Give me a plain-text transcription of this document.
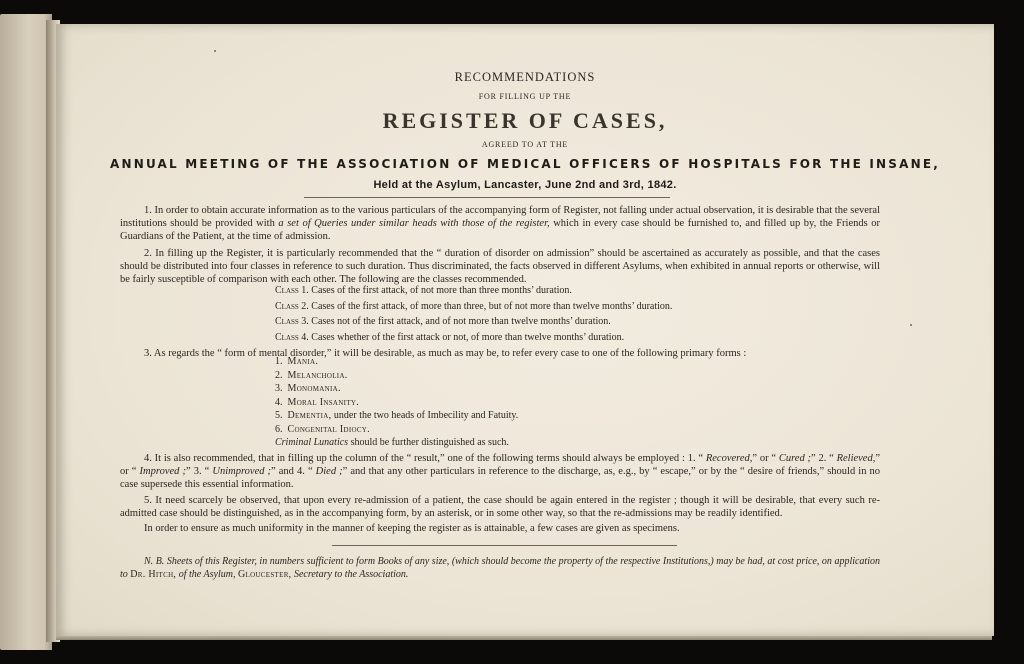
RECOMMENDATIONS
FOR FILLING UP THE
REGISTER OF CASES,
AGREED TO AT THE
ANNUAL MEETING OF THE ASSOCIATION OF MEDICAL OFFICERS OF HOSPITALS FOR THE INSANE,
Held at the Asylum, Lancaster, June 2nd and 3rd, 1842.
1. In order to obtain accurate information as to the various particulars of the accompanying form of Register, not falling under actual observation, it is desirable that the several institutions should be provided with a set of Queries under similar heads with those of the register, which in every case should be furnished to, and filled up by, the Friends or Guardians of the Patient, at the time of admission.
2. In filling up the Register, it is particularly recommended that the “ duration of disorder on admission” should be ascertained as accurately as possible, and that the cases should be distributed into four classes in reference to such duration. Thus discriminated, the facts observed in different Asylums, when exhibited in annual reports or otherwise, will be fairly susceptible of comparison with each other. The following are the classes recommended.
Class 1. Cases of the first attack, of not more than three months’ duration.
Class 2. Cases of the first attack, of more than three, but of not more than twelve months’ duration.
Class 3. Cases not of the first attack, and of not more than twelve months’ duration.
Class 4. Cases whether of the first attack or not, of more than twelve months’ duration.
3. As regards the “ form of mental disorder,” it will be desirable, as much as may be, to refer every case to one of the following primary forms :
1. Mania.
2. Melancholia.
3. Monomania.
4. Moral Insanity.
5. Dementia, under the two heads of Imbecility and Fatuity.
6. Congenital Idiocy.
Criminal Lunatics should be further distinguished as such.
4. It is also recommended, that in filling up the column of the “ result,” one of the following terms should always be employed : 1. “ Recovered,” or “ Cured ;” 2. “ Relieved,” or “ Improved ;” 3. “ Unimproved ;” and 4. “ Died ;” and that any other particulars in reference to the discharge, as, e.g., by “ escape,” or by the “ desire of friends,” should in no case supersede this essential information.
5. It need scarcely be observed, that upon every re-admission of a patient, the case should be again entered in the register ; though it will be desirable, that every such re-admitted case should be distinguished, as in the accompanying form, by an asterisk, or in some other way, so that the re-admissions may be readily identified.
In order to ensure as much uniformity in the manner of keeping the register as is attainable, a few cases are given as specimens.
N. B. Sheets of this Register, in numbers sufficient to form Books of any size, (which should become the property of the respective Institutions,) may be had, at cost price, on application to Dr. Hitch, of the Asylum, Gloucester, Secretary to the Association.
